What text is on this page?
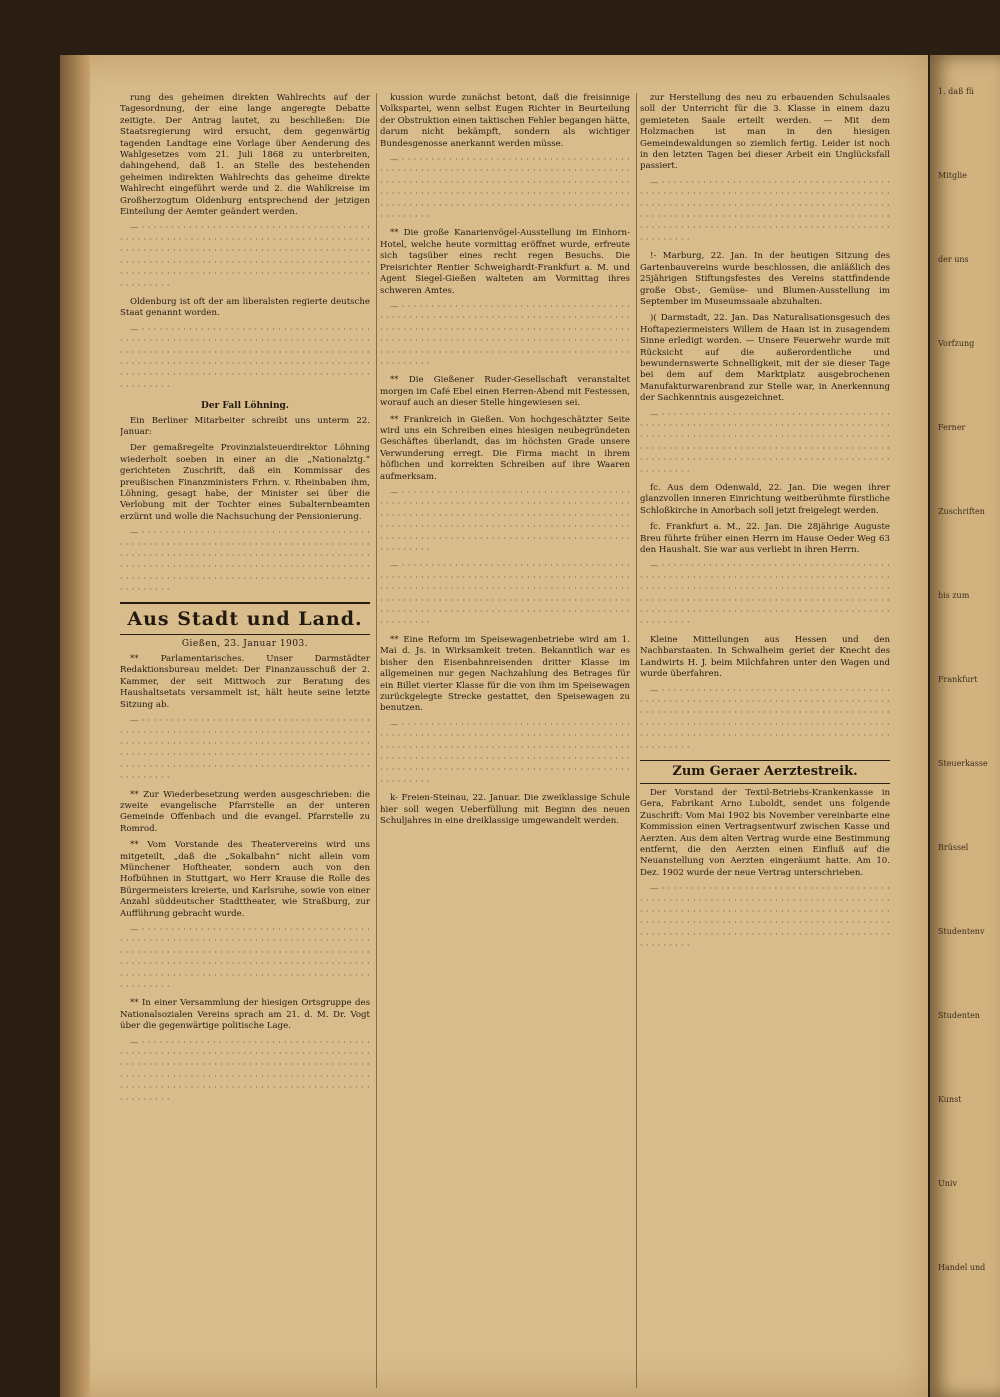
rung des geheimen direkten Wahlrechts auf der Tagesordnung, der eine lange angeregte Debatte zeitigte. Der Antrag lautet, zu beschließen: Die Staatsregierung wird ersucht, dem gegenwärtig tagenden Landtage eine Vorlage über Aenderung des Wahlgesetzes vom 21. Juli 1868 zu unterbreiten, dahingehend, daß 1. an Stelle des bestehenden geheimen indirekten Wahlrechts das geheime direkte Wahlrecht eingeführt werde und 2. die Wahlkreise im Großherzogtum Oldenburg entsprechend der jetzigen Einteilung der Aemter geändert werden.

— · · · · · · · · · · · · · · · · · · · · · · · · · · · · · · · · · · · · · · · · · · · · · · · · · · · · · · · · · · · · · · · · · · · · · · · · · · · · · · · · · · · · · · · · · · · · · · · · · · · · · · · · · · · · · · · · · · · · · · · · · · · · · · · · · · · · · · · · · · · · · · · · · · · · · · · · · · · · · · · · · · · · · · · · · · · · · · · · · · · · · · · · · · · · · · · · · · · · · · · · · · · · · · · · · · · · · · · · · · · ·

Oldenburg ist oft der am liberalsten regierte deutsche Staat genannt worden.

— · · · · · · · · · · · · · · · · · · · · · · · · · · · · · · · · · · · · · · · · · · · · · · · · · · · · · · · · · · · · · · · · · · · · · · · · · · · · · · · · · · · · · · · · · · · · · · · · · · · · · · · · · · · · · · · · · · · · · · · · · · · · · · · · · · · · · · · · · · · · · · · · · · · · · · · · · · · · · · · · · · · · · · · · · · · · · · · · · · · · · · · · · · · · · · · · · · · · · · · · · · · · · · · · · · · · · · · · · · · ·

Der Fall Löhning.

Ein Berliner Mitarbeiter schreibt uns unterm 22. Januar:

Der gemaßregelte Provinzialsteuerdirektor Löhning wiederholt soeben in einer an die „Nationalztg.“ gerichteten Zuschrift, daß ein Kommissar des preußischen Finanzministers Frhrn. v. Rheinbaben ihm, Löhning, gesagt habe, der Minister sei über die Verlobung mit der Tochter eines Subalternbeamten erzürnt und wolle die Nachsuchung der Pensionierung.

— · · · · · · · · · · · · · · · · · · · · · · · · · · · · · · · · · · · · · · · · · · · · · · · · · · · · · · · · · · · · · · · · · · · · · · · · · · · · · · · · · · · · · · · · · · · · · · · · · · · · · · · · · · · · · · · · · · · · · · · · · · · · · · · · · · · · · · · · · · · · · · · · · · · · · · · · · · · · · · · · · · · · · · · · · · · · · · · · · · · · · · · · · · · · · · · · · · · · · · · · · · · · · · · · · · · · · · · · · · · ·

Aus Stadt und Land.
Gießen, 23. Januar 1903.

** Parlamentarisches. Unser Darmstädter Redaktionsbureau meldet: Der Finanzausschuß der 2. Kammer, der seit Mittwoch zur Beratung des Haushaltsetats versammelt ist, hält heute seine letzte Sitzung ab.

— · · · · · · · · · · · · · · · · · · · · · · · · · · · · · · · · · · · · · · · · · · · · · · · · · · · · · · · · · · · · · · · · · · · · · · · · · · · · · · · · · · · · · · · · · · · · · · · · · · · · · · · · · · · · · · · · · · · · · · · · · · · · · · · · · · · · · · · · · · · · · · · · · · · · · · · · · · · · · · · · · · · · · · · · · · · · · · · · · · · · · · · · · · · · · · · · · · · · · · · · · · · · · · · · · · · · · · · · · · · ·

** Zur Wiederbesetzung werden ausgeschrieben: die zweite evangelische Pfarrstelle an der unteren Gemeinde Offenbach und die evangel. Pfarrstelle zu Romrod.

** Vom Vorstande des Theatervereins wird uns mitgeteilt, „daß die „Sokalbahn“ nicht allein vom Münchener Hoftheater, sondern auch von den Hofbühnen in Stuttgart, wo Herr Krause die Rolle des Bürgermeisters kreierte, und Karlsruhe, sowie von einer Anzahl süddeutscher Stadttheater, wie Straßburg, zur Aufführung gebracht wurde.

— · · · · · · · · · · · · · · · · · · · · · · · · · · · · · · · · · · · · · · · · · · · · · · · · · · · · · · · · · · · · · · · · · · · · · · · · · · · · · · · · · · · · · · · · · · · · · · · · · · · · · · · · · · · · · · · · · · · · · · · · · · · · · · · · · · · · · · · · · · · · · · · · · · · · · · · · · · · · · · · · · · · · · · · · · · · · · · · · · · · · · · · · · · · · · · · · · · · · · · · · · · · · · · · · · · · · · · · · · · · ·

** In einer Versammlung der hiesigen Ortsgruppe des Nationalsozialen Vereins sprach am 21. d. M. Dr. Vogt über die gegenwärtige politische Lage.

— · · · · · · · · · · · · · · · · · · · · · · · · · · · · · · · · · · · · · · · · · · · · · · · · · · · · · · · · · · · · · · · · · · · · · · · · · · · · · · · · · · · · · · · · · · · · · · · · · · · · · · · · · · · · · · · · · · · · · · · · · · · · · · · · · · · · · · · · · · · · · · · · · · · · · · · · · · · · · · · · · · · · · · · · · · · · · · · · · · · · · · · · · · · · · · · · · · · · · · · · · · · · · · · · · · · · · · · · · · · ·

kussion wurde zunächst betont, daß die freisinnige Volkspartei, wenn selbst Eugen Richter in Beurteilung der Obstruktion einen taktischen Fehler begangen hätte, darum nicht bekämpft, sondern als wichtiger Bundesgenosse anerkannt werden müsse.

— · · · · · · · · · · · · · · · · · · · · · · · · · · · · · · · · · · · · · · · · · · · · · · · · · · · · · · · · · · · · · · · · · · · · · · · · · · · · · · · · · · · · · · · · · · · · · · · · · · · · · · · · · · · · · · · · · · · · · · · · · · · · · · · · · · · · · · · · · · · · · · · · · · · · · · · · · · · · · · · · · · · · · · · · · · · · · · · · · · · · · · · · · · · · · · · · · · · · · · · · · · · · · · · · · · · · · · · · · · · ·

** Die große Kanarienvögel-Ausstellung im Einhorn-Hotel, welche heute vormittag eröffnet wurde, erfreute sich tagsüber eines recht regen Besuchs. Die Preisrichter Rentier Schweighardt-Frankfurt a. M. und Agent Siegel-Gießen walteten am Vormittag ihres schweren Amtes.

— · · · · · · · · · · · · · · · · · · · · · · · · · · · · · · · · · · · · · · · · · · · · · · · · · · · · · · · · · · · · · · · · · · · · · · · · · · · · · · · · · · · · · · · · · · · · · · · · · · · · · · · · · · · · · · · · · · · · · · · · · · · · · · · · · · · · · · · · · · · · · · · · · · · · · · · · · · · · · · · · · · · · · · · · · · · · · · · · · · · · · · · · · · · · · · · · · · · · · · · · · · · · · · · · · · · · · · · · · · · ·

** Die Gießener Ruder-Gesellschaft veranstaltet morgen im Café Ebel einen Herren-Abend mit Festessen, worauf auch an dieser Stelle hingewiesen sei.

** Frankreich in Gießen. Von hochgeschätzter Seite wird uns ein Schreiben eines hiesigen neubegründeten Geschäftes überlandt, das im höchsten Grade unsere Verwunderung erregt. Die Firma macht in ihrem höflichen und korrekten Schreiben auf ihre Waaren aufmerksam.

— · · · · · · · · · · · · · · · · · · · · · · · · · · · · · · · · · · · · · · · · · · · · · · · · · · · · · · · · · · · · · · · · · · · · · · · · · · · · · · · · · · · · · · · · · · · · · · · · · · · · · · · · · · · · · · · · · · · · · · · · · · · · · · · · · · · · · · · · · · · · · · · · · · · · · · · · · · · · · · · · · · · · · · · · · · · · · · · · · · · · · · · · · · · · · · · · · · · · · · · · · · · · · · · · · · · · · · · · · · · ·

— · · · · · · · · · · · · · · · · · · · · · · · · · · · · · · · · · · · · · · · · · · · · · · · · · · · · · · · · · · · · · · · · · · · · · · · · · · · · · · · · · · · · · · · · · · · · · · · · · · · · · · · · · · · · · · · · · · · · · · · · · · · · · · · · · · · · · · · · · · · · · · · · · · · · · · · · · · · · · · · · · · · · · · · · · · · · · · · · · · · · · · · · · · · · · · · · · · · · · · · · · · · · · · · · · · · · · · · · · · · ·

** Eine Reform im Speisewagenbetriebe wird am 1. Mai d. Js. in Wirksamkeit treten. Bekanntlich war es bisher den Eisenbahnreisenden dritter Klasse im allgemeinen nur gegen Nachzahlung des Betrages für ein Billet vierter Klasse für die von ihm im Speisewagen zurückgelegte Strecke gestattet, den Speisewagen zu benutzen.

— · · · · · · · · · · · · · · · · · · · · · · · · · · · · · · · · · · · · · · · · · · · · · · · · · · · · · · · · · · · · · · · · · · · · · · · · · · · · · · · · · · · · · · · · · · · · · · · · · · · · · · · · · · · · · · · · · · · · · · · · · · · · · · · · · · · · · · · · · · · · · · · · · · · · · · · · · · · · · · · · · · · · · · · · · · · · · · · · · · · · · · · · · · · · · · · · · · · · · · · · · · · · · · · · · · · · · · · · · · · ·

k- Freien-Steinau, 22. Januar. Die zweiklassige Schule hier soll wegen Ueberfüllung mit Beginn des neuen Schuljahres in eine dreiklassige umgewandelt werden.

zur Herstellung des neu zu erbauenden Schulsaales soll der Unterricht für die 3. Klasse in einem dazu gemieteten Saale erteilt werden. — Mit dem Holzmachen ist man in den hiesigen Gemeindewaldungen so ziemlich fertig. Leider ist noch in den letzten Tagen bei dieser Arbeit ein Unglücksfall passiert.

— · · · · · · · · · · · · · · · · · · · · · · · · · · · · · · · · · · · · · · · · · · · · · · · · · · · · · · · · · · · · · · · · · · · · · · · · · · · · · · · · · · · · · · · · · · · · · · · · · · · · · · · · · · · · · · · · · · · · · · · · · · · · · · · · · · · · · · · · · · · · · · · · · · · · · · · · · · · · · · · · · · · · · · · · · · · · · · · · · · · · · · · · · · · · · · · · · · · · · · · · · · · · · · · · · · · · · · · · · · · ·

!- Marburg, 22. Jan. In der heutigen Sitzung des Gartenbauvereins wurde beschlossen, die anläßlich des 25jährigen Stiftungsfestes des Vereins stattfindende große Obst-, Gemüse- und Blumen-Ausstellung im September im Museumssaale abzuhalten.

)( Darmstadt, 22. Jan. Das Naturalisationsgesuch des Hoftapeziermeisters Willem de Haan ist in zusagendem Sinne erledigt worden. — Unsere Feuerwehr wurde mit Rücksicht auf die außerordentliche und bewundernswerte Schnelligkeit, mit der sie dieser Tage bei dem auf dem Marktplatz ausgebrochenen Manufakturwarenbrand zur Stelle war, in Anerkennung der Sachkenntnis ausgezeichnet.

— · · · · · · · · · · · · · · · · · · · · · · · · · · · · · · · · · · · · · · · · · · · · · · · · · · · · · · · · · · · · · · · · · · · · · · · · · · · · · · · · · · · · · · · · · · · · · · · · · · · · · · · · · · · · · · · · · · · · · · · · · · · · · · · · · · · · · · · · · · · · · · · · · · · · · · · · · · · · · · · · · · · · · · · · · · · · · · · · · · · · · · · · · · · · · · · · · · · · · · · · · · · · · · · · · · · · · · · · · · · ·

fc. Aus dem Odenwald, 22. Jan. Die wegen ihrer glanzvollen inneren Einrichtung weitberühmte fürstliche Schloßkirche in Amorbach soll jetzt freigelegt werden.

fc. Frankfurt a. M., 22. Jan. Die 28jährige Auguste Breu führte früher einen Herrn im Hause Oeder Weg 63 den Haushalt. Sie war aus verliebt in ihren Herrn.

— · · · · · · · · · · · · · · · · · · · · · · · · · · · · · · · · · · · · · · · · · · · · · · · · · · · · · · · · · · · · · · · · · · · · · · · · · · · · · · · · · · · · · · · · · · · · · · · · · · · · · · · · · · · · · · · · · · · · · · · · · · · · · · · · · · · · · · · · · · · · · · · · · · · · · · · · · · · · · · · · · · · · · · · · · · · · · · · · · · · · · · · · · · · · · · · · · · · · · · · · · · · · · · · · · · · · · · · · · · · ·

Kleine Mitteilungen aus Hessen und den Nachbarstaaten. In Schwalheim geriet der Knecht des Landwirts H. J. beim Milchfahren unter den Wagen und wurde überfahren.

— · · · · · · · · · · · · · · · · · · · · · · · · · · · · · · · · · · · · · · · · · · · · · · · · · · · · · · · · · · · · · · · · · · · · · · · · · · · · · · · · · · · · · · · · · · · · · · · · · · · · · · · · · · · · · · · · · · · · · · · · · · · · · · · · · · · · · · · · · · · · · · · · · · · · · · · · · · · · · · · · · · · · · · · · · · · · · · · · · · · · · · · · · · · · · · · · · · · · · · · · · · · · · · · · · · · · · · · · · · · ·

Zum Geraer Aerztestreik.

Der Vorstand der Textil-Betriebs-Krankenkasse in Gera, Fabrikant Arno Luboldt, sendet uns folgende Zuschrift: Vom Mai 1902 bis November vereinbarte eine Kommission einen Vertragsentwurf zwischen Kasse und Aerzten. Aus dem alten Vertrag wurde eine Bestimmung entfernt, die den Aerzten einen Einfluß auf die Neuanstellung von Aerzten eingeräumt hatte. Am 10. Dez. 1902 wurde der neue Vertrag unterschrieben.

— · · · · · · · · · · · · · · · · · · · · · · · · · · · · · · · · · · · · · · · · · · · · · · · · · · · · · · · · · · · · · · · · · · · · · · · · · · · · · · · · · · · · · · · · · · · · · · · · · · · · · · · · · · · · · · · · · · · · · · · · · · · · · · · · · · · · · · · · · · · · · · · · · · · · · · · · · · · · · · · · · · · · · · · · · · · · · · · · · · · · · · · · · · · · · · · · · · · · · · · · · · · · · · · · · · · · · · · · · · · ·

1. daß fü
Mitglie
der uns
Vorfzung
Ferner
Zuschriften
bis zum
Frankfurt
Steuerkasse
Brüssel
Studentenv
Studenten
Kunst
Univ
Handel und
